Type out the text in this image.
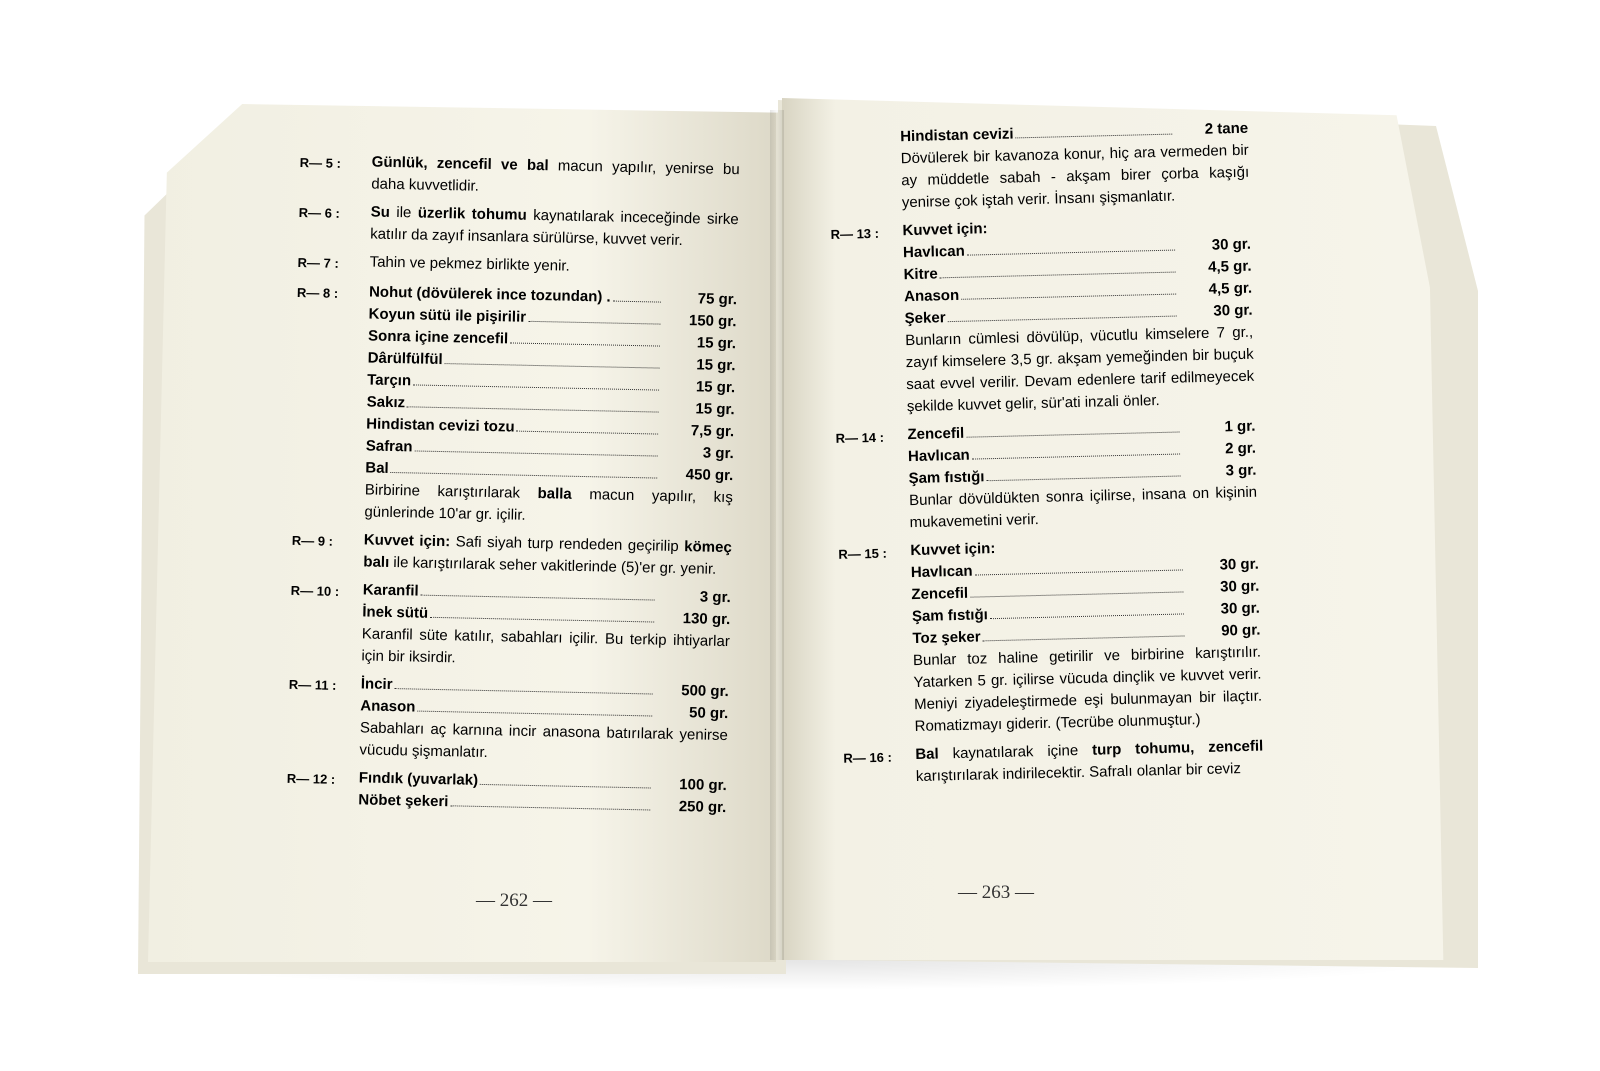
R— 5 :	Günlük, zencefil ve bal macun yapılır, yenirse bu daha kuvvetlidir.
R— 6 :	Su ile üzerlik tohumu kaynatılarak inceceğinde sirke katılır da zayıf insanlara sürülürse, kuvvet verir.
R— 7 :	Tahin ve pekmez birlikte yenir.
R— 8 :	Nohut (dövülerek ince tozundan) .	75 gr.
Koyun sütü ile pişirilir	150 gr.
Sonra içine zencefil	15 gr.
Dârülfülfül	15 gr.
Tarçın	15 gr.
Sakız	15 gr.
Hindistan cevizi tozu	7,5 gr.
Safran	3 gr.
Bal	450 gr.
Birbirine karıştırılarak balla macun yapılır, kış günlerinde 10'ar gr. içilir.
R— 9 :	Kuvvet için: Safi siyah turp rendeden geçirilip kömeç balı ile karıştırılarak seher vakitlerinde (5)'er gr. yenir.
R— 10 :	Karanfil	3 gr.
İnek sütü	130 gr.
Karanfil süte katılır, sabahları içilir. Bu terkip ihtiyarlar için bir iksirdir.
R— 11 :	İncir	500 gr.
Anason	50 gr.
Sabahları aç karnına incir anasona batırılarak yenirse vücudu şişmanlatır.
R— 12 :	Fındık (yuvarlak)	100 gr.
Nöbet şekeri	250 gr.
Hindistan cevizi	2 tane
Dövülerek bir kavanoza konur, hiç ara vermeden bir ay müddetle sabah - akşam birer çorba kaşığı yenirse çok iştah verir. İnsanı şişmanlatır.
R— 13 :	Kuvvet için:
Havlıcan	30 gr.
Kitre	4,5 gr.
Anason	4,5 gr.
Şeker	30 gr.
Bunların cümlesi dövülüp, vücutlu kimselere 7 gr., zayıf kimselere 3,5 gr. akşam yemeğinden bir buçuk saat evvel verilir. Devam edenlere tarif edilmeyecek şekilde kuvvet gelir, sür'ati inzali önler.
R— 14 :	Zencefil	1 gr.
Havlıcan	2 gr.
Şam fıstığı	3 gr.
Bunlar dövüldükten sonra içilirse, insana on kişinin mukavemetini verir.
R— 15 :	Kuvvet için:
Havlıcan	30 gr.
Zencefil	30 gr.
Şam fıstığı	30 gr.
Toz şeker	90 gr.
Bunlar toz haline getirilir ve birbirine karıştırılır. Yatarken 5 gr. içilirse vücuda dinçlik ve kuvvet verir. Meniyi ziyadeleştirmede eşi bulunmayan bir ilaçtır. Romatizmayı giderir. (Tecrübe olunmuştur.)
R— 16 :	Bal kaynatılarak içine turp tohumu, zencefil karıştırılarak indirilecektir. Safralı olanlar bir ceviz
— 262 —	— 263 —
